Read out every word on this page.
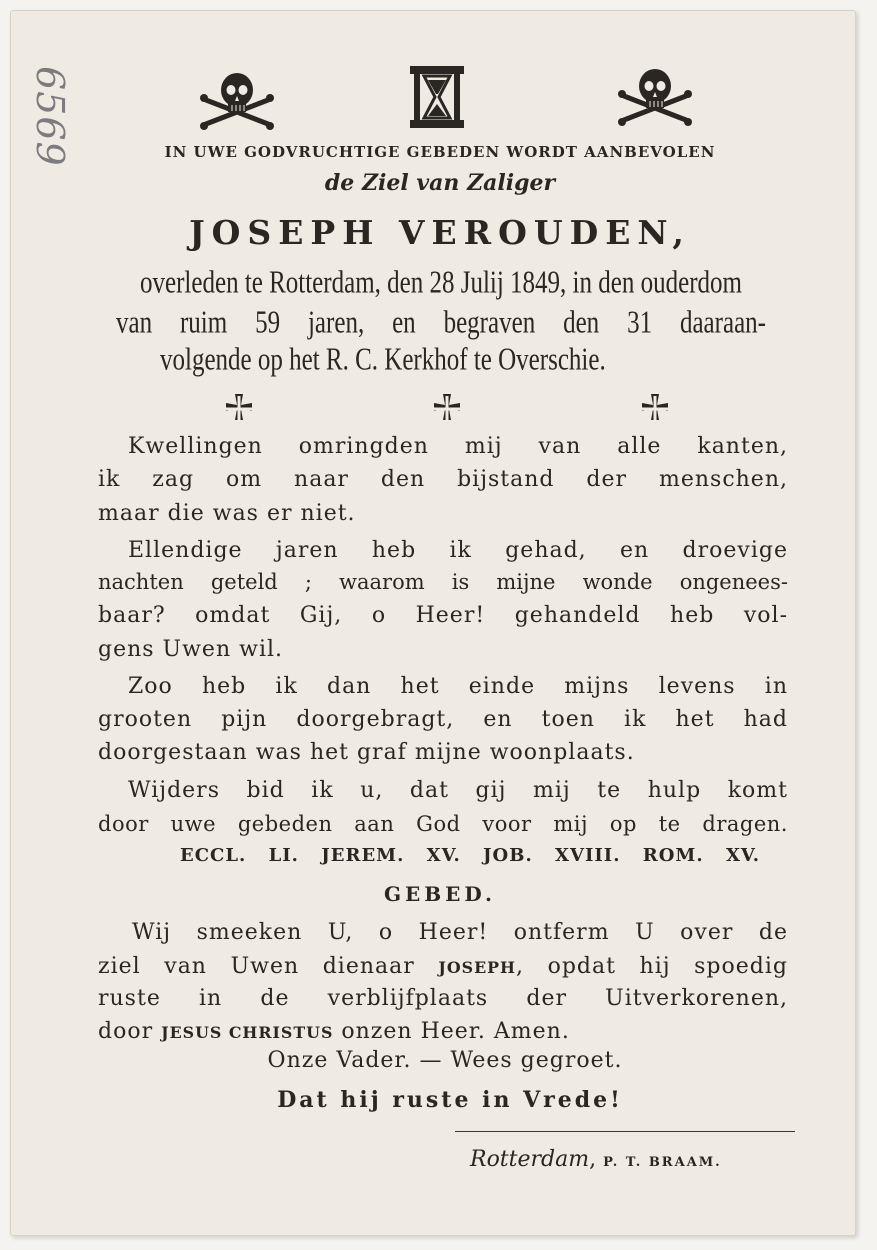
6569	IN UWE GODVRUCHTIGE GEBEDEN WORDT AANBEVOLEN
de Ziel van Zaliger
JOSEPH VEROUDEN,
overleden te Rotterdam, den 28 Julij 1849, in den ouderdom
van ruim 59 jaren, en begraven den 31 daaraan-
volgende op het R. C. Kerkhof te Overschie.
Kwellingen omringden mij van alle kanten,
ik zag om naar den bijstand der menschen,
maar die was er niet.
Ellendige jaren heb ik gehad, en droevige
nachten geteld ; waarom is mijne wonde ongenees-
baar? omdat Gij, o Heer! gehandeld heb vol-
gens Uwen wil.
Zoo heb ik dan het einde mijns levens in
grooten pijn doorgebragt, en toen ik het had
doorgestaan was het graf mijne woonplaats.
Wijders bid ik u, dat gij mij te hulp komt
door uwe gebeden aan God voor mij op te dragen.
ECCL. LI. JEREM. XV. JOB. XVIII. ROM. XV.
GEBED.
Wij smeeken U, o Heer! ontferm U over de
ziel van Uwen dienaar JOSEPH, opdat hij spoedig
ruste in de verblijfplaats der Uitverkorenen,
door JESUS CHRISTUS onzen Heer. Amen.
Onze Vader. — Wees gegroet.
Dat hij ruste in Vrede!
Rotterdam, P. T. BRAAM.
